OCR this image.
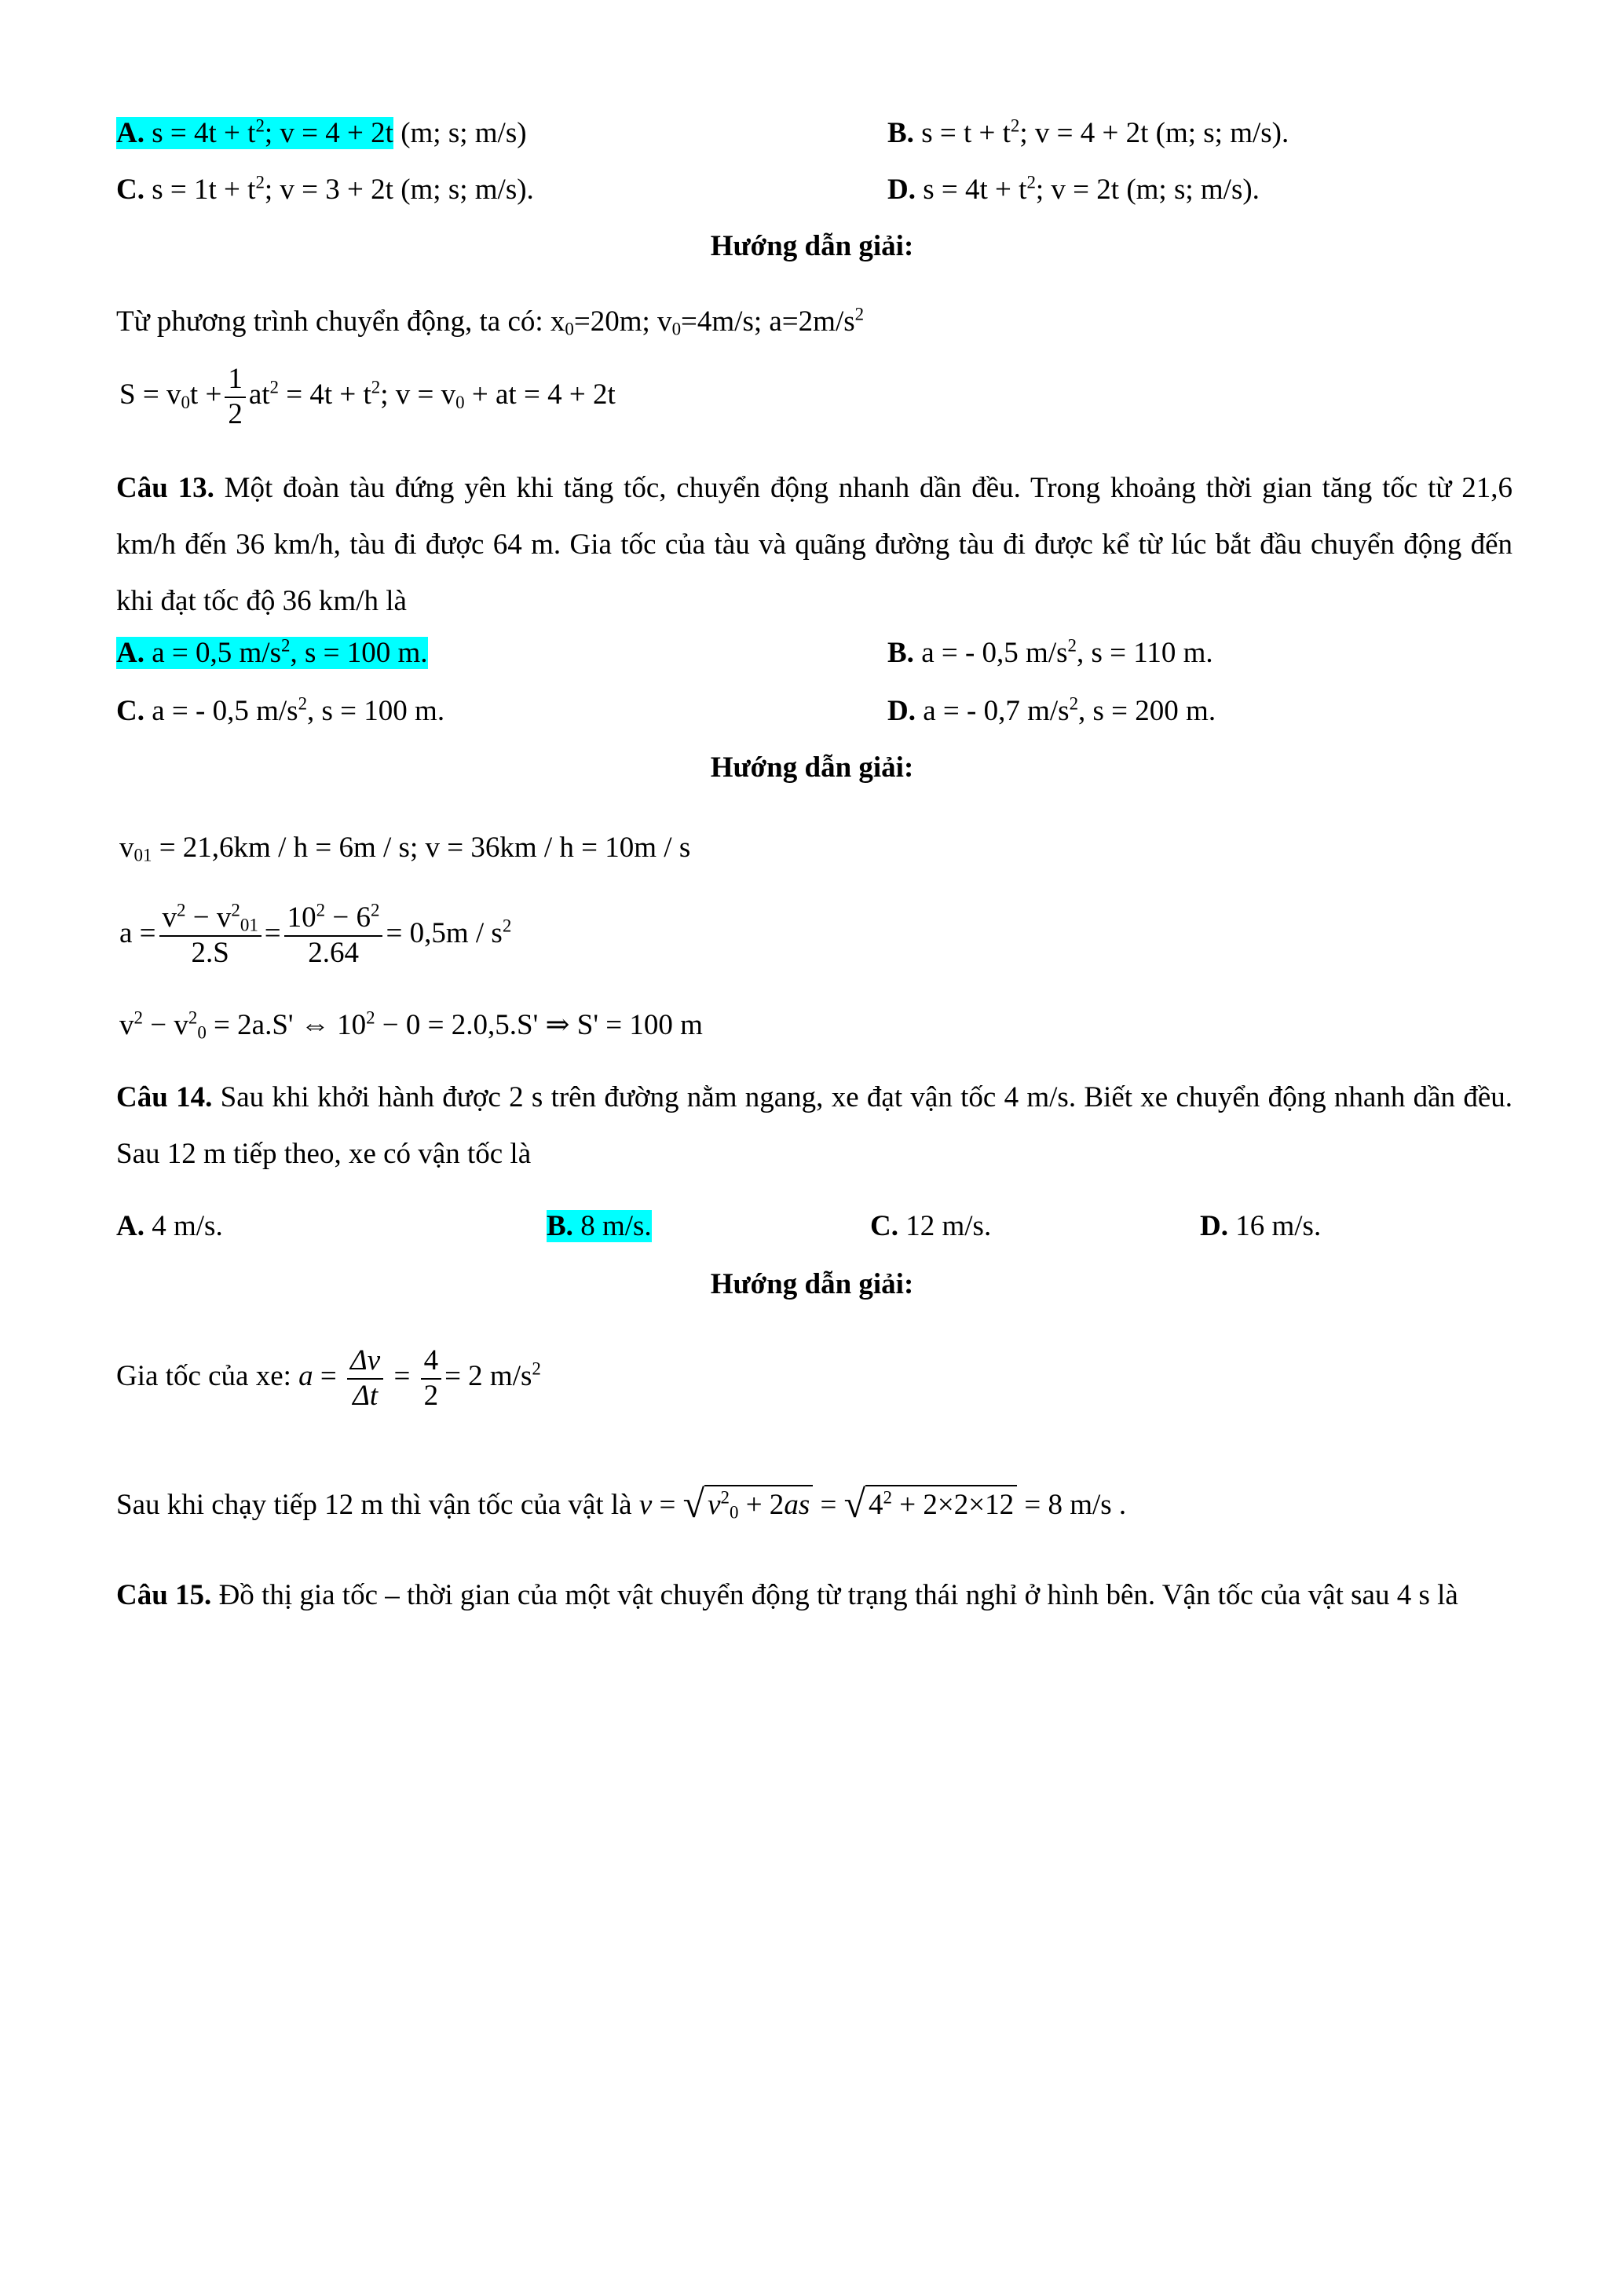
A. $s = 4t + t^2$; v = 4 + 2t (m; s; m/s)	B. $s = t + t^2$; v = 4 + 2t (m; s; m/s).
C. $s = 1t + t^2$; v = 3 + 2t (m; s; m/s).	D. $s = 4t + t^2$; v = 2t (m; s; m/s).
Hướng dẫn giải:
Từ phương trình chuyển động, ta có: $x_0=20m$; $v_0=4m/s$; $a=2m/s^2$
$S = v_0t + \frac{1}{2} at^2 = 4t + t^2$; $v = v_0$ + at = 4 + 2t
Câu 13. Một đoàn tàu đứng yên khi tăng tốc, chuyển động nhanh dần đều. Trong khoảng thời gian tăng tốc từ 21,6 km/h đến 36 km/h, tàu đi được 64 m. Gia tốc của tàu và quãng đường tàu đi được kể từ lúc bắt đầu chuyển động đến khi đạt tốc độ 36 km/h là
A. a = 0,5 $m/s^2$, s = 100 m.	B. a = - 0,5 $m/s^2$, s = 110 m.
C. a = - 0,5 $m/s^2$, s = 100 m.	D. a = - 0,7 $m/s^2$, s = 200 m.
Hướng dẫn giải:
$v_{01} = 21,6km / h = 6m / s$; v = 36km / h = 10m / s
$a = \frac{v^2 - v^2_{01}}{2.S} = \frac{10^2 - 6^2}{2.64} = 0,5m / s^2$
$v^2 - v^2_0 = 2a.S'$ ⇔ $10^2 - 0 = 2.0,5.S'$ ⇒ S' = 100 m
Câu 14. Sau khi khởi hành được 2 s trên đường nằm ngang, xe đạt vận tốc 4 m/s. Biết xe chuyển động nhanh dần đều. Sau 12 m tiếp theo, xe có vận tốc là
A. 4 m/s.	B. 8 m/s.	C. 12 m/s.	D. 16 m/s.
Hướng dẫn giải:
Gia tốc của xe: $a = \frac{\Delta v}{\Delta t} = \frac{4}{2} = 2$ $m/s^2$
Sau khi chạy tiếp 12 m thì vận tốc của vật là v = √ $v^2_0 + 2as$ = √ $4^2 + 2\times 2\times 12 = 8$ m/s .
Câu 15. Đồ thị gia tốc – thời gian của một vật chuyển động từ trạng thái nghỉ ở hình bên. Vận tốc của vật sau 4 s là
